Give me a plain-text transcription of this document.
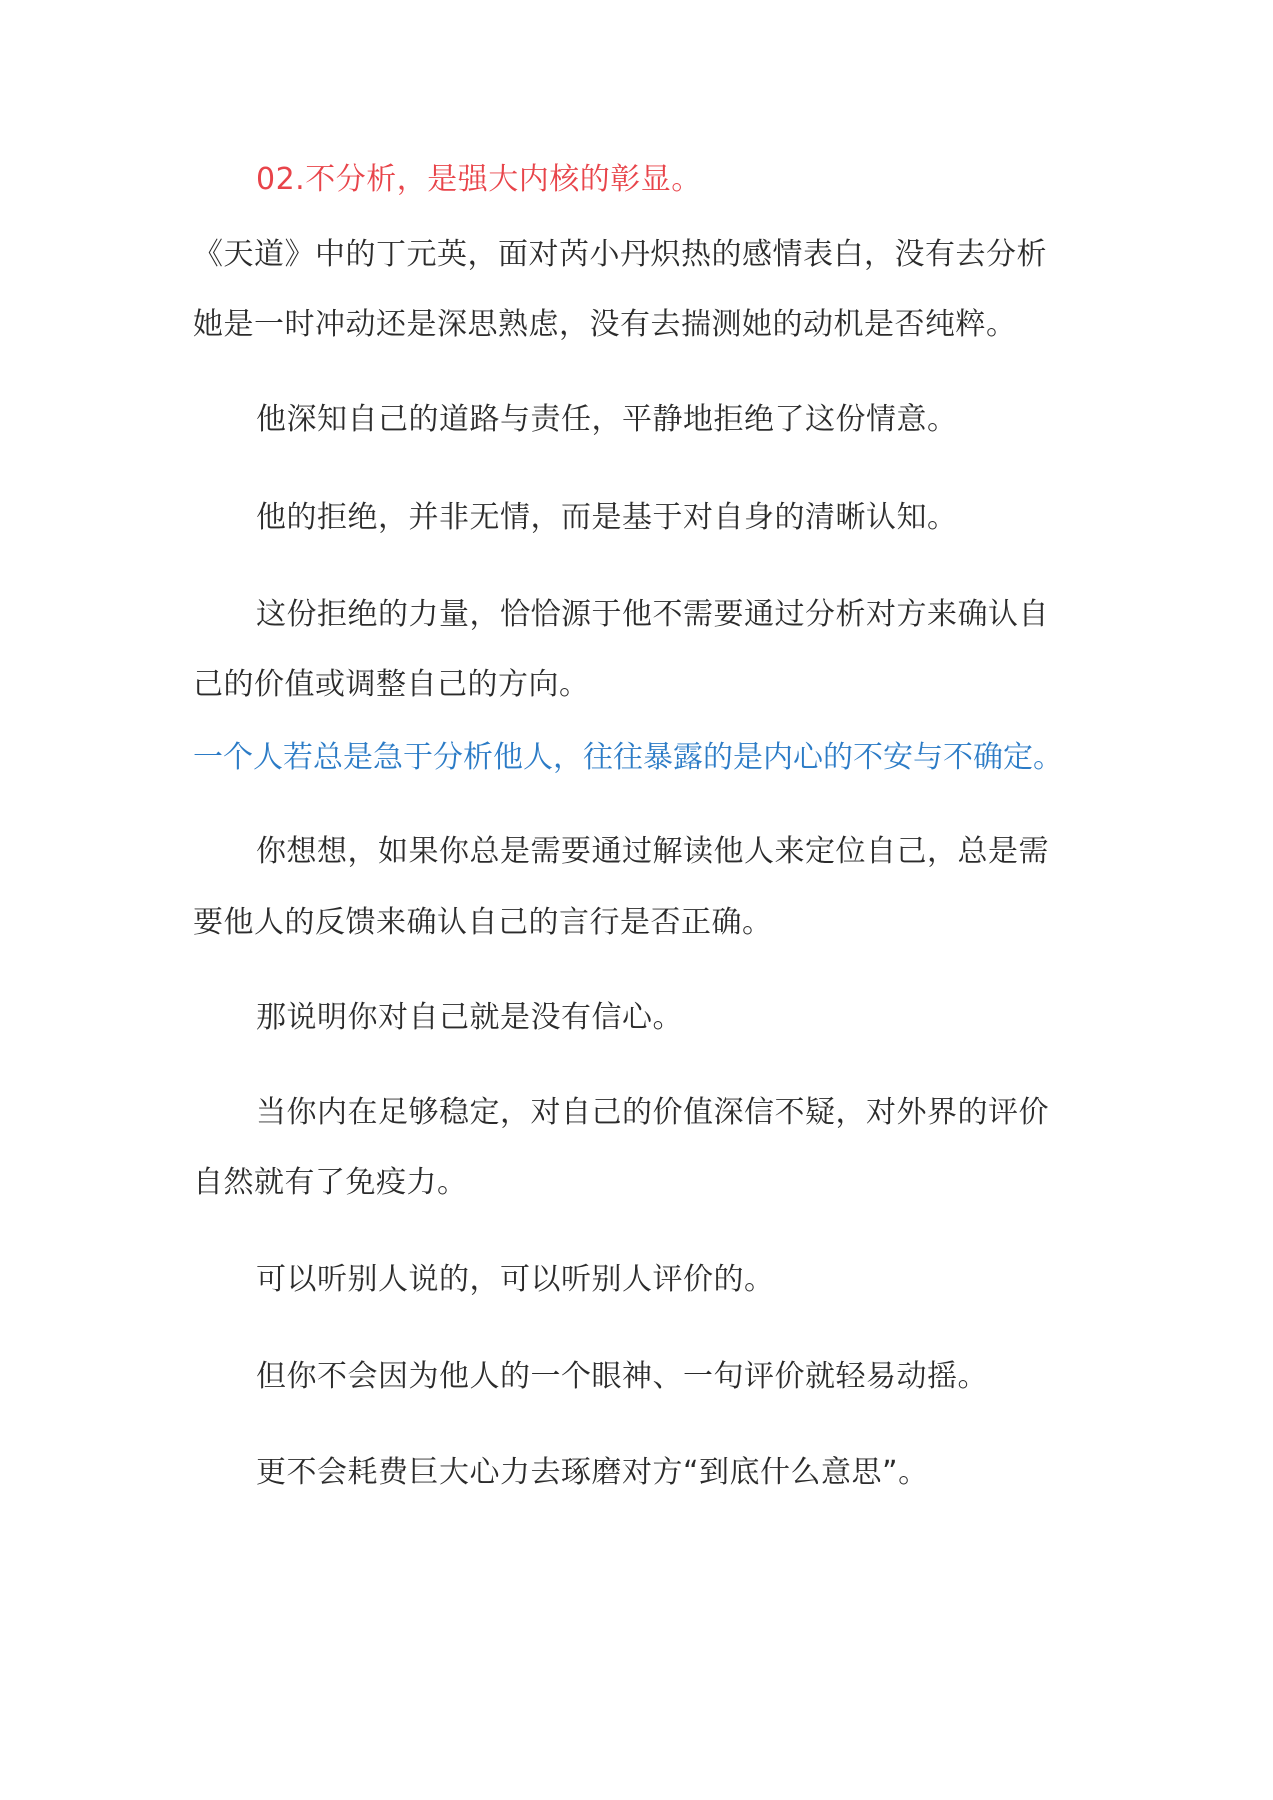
02.不分析，是强大内核的彰显。
《天道》中的丁元英，面对芮小丹炽热的感情表白，没有去分析
她是一时冲动还是深思熟虑，没有去揣测她的动机是否纯粹。
他深知自己的道路与责任，平静地拒绝了这份情意。
他的拒绝，并非无情，而是基于对自身的清晰认知。
这份拒绝的力量，恰恰源于他不需要通过分析对方来确认自
己的价值或调整自己的方向。
一个人若总是急于分析他人，往往暴露的是内心的不安与不确定。
你想想，如果你总是需要通过解读他人来定位自己，总是需
要他人的反馈来确认自己的言行是否正确。
那说明你对自己就是没有信心。
当你内在足够稳定，对自己的价值深信不疑，对外界的评价
自然就有了免疫力。
可以听别人说的，可以听别人评价的。
但你不会因为他人的一个眼神、一句评价就轻易动摇。
更不会耗费巨大心力去琢磨对方“到底什么意思”。
